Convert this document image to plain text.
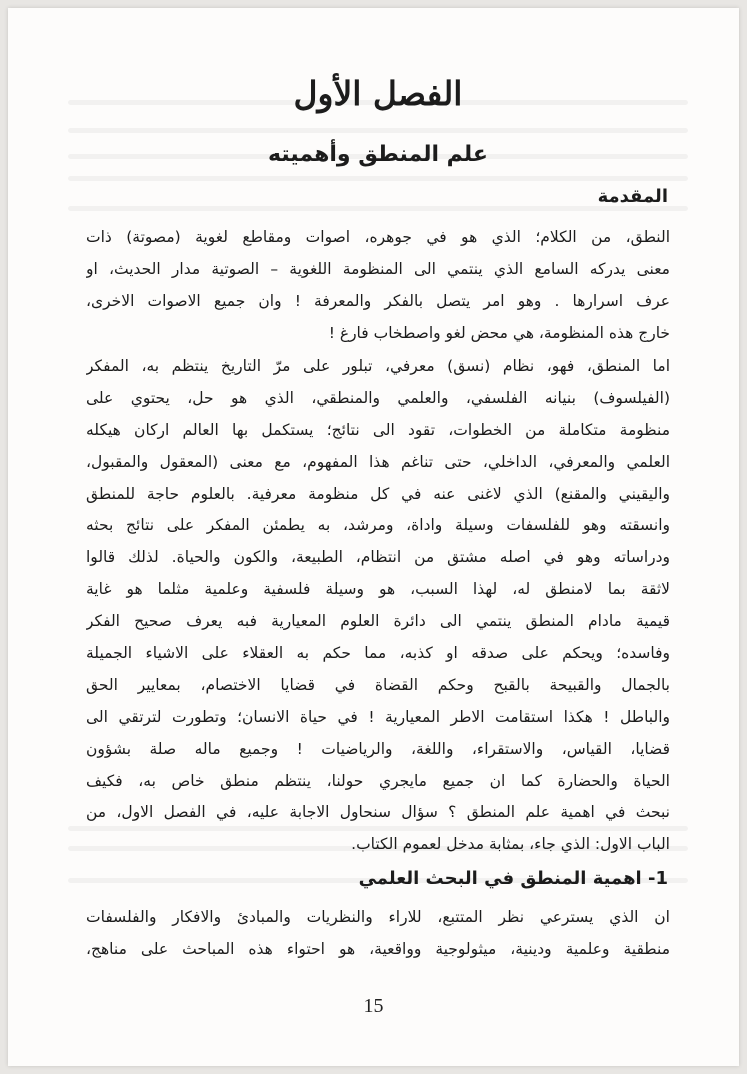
الفصل الأول
علم المنطق وأهميته
المقدمة
النطق، من الكلام؛ الذي هو في جوهره، اصوات ومقاطع لغوية (مصوتة) ذات
معنى يدركه السامع الذي ينتمي الى المنظومة اللغوية – الصوتية مدار الحديث، او
عرف اسرارها . وهو امر يتصل بالفكر والمعرفة ! وان جميع الاصوات الاخرى،
خارج هذه المنظومة، هي محض لغو واصطخاب فارغ !
اما المنطق، فهو، نظام (نسق) معرفي، تبلور على مرّ التاريخ ينتظم به، المفكر
(الفيلسوف) بنيانه الفلسفي، والعلمي والمنطقي، الذي هو حل، يحتوي على
منظومة متكاملة من الخطوات، تقود الى نتائج؛ يستكمل بها العالم اركان هيكله
العلمي والمعرفي، الداخلي، حتى تناغم هذا المفهوم، مع معنى (المعقول والمقبول،
واليقيني والمقنع) الذي لاغنى عنه في كل منظومة معرفية. بالعلوم حاجة للمنطق
وانسقته وهو للفلسفات وسيلة واداة، ومرشد، به يطمئن المفكر على نتائج بحثه
ودراساته وهو في اصله مشتق من انتظام، الطبيعة، والكون والحياة. لذلك قالوا
لاثقة بما لامنطق له، لهذا السبب، هو وسيلة فلسفية وعلمية مثلما هو غاية
قيمية مادام المنطق ينتمي الى دائرة العلوم المعيارية فبه يعرف صحيح الفكر
وفاسده؛ ويحكم على صدقه او كذبه، مما حكم به العقلاء على الاشياء الجميلة
بالجمال والقبيحة بالقبح وحكم القضاة في قضايا الاختصام، بمعايير الحق
والباطل ! هكذا استقامت الاطر المعيارية ! في حياة الانسان؛ وتطورت لترتقي الى
قضايا، القياس، والاستقراء، واللغة، والرياضيات ! وجميع ماله صلة بشؤون
الحياة والحضارة كما ان جميع مايجري حولنا، ينتظم منطق خاص به، فكيف
نبحث في اهمية علم المنطق ؟ سؤال سنحاول الاجابة عليه، في الفصل الاول، من
الباب الاول: الذي جاء، بمثابة مدخل لعموم الكتاب.
1- اهمية المنطق في البحث العلمي
ان الذي يسترعي نظر المتتبع، للاراء والنظريات والمبادئ والافكار والفلسفات
منطقية وعلمية ودينية، ميثولوجية وواقعية، هو احتواء هذه المباحث على مناهج،
15
